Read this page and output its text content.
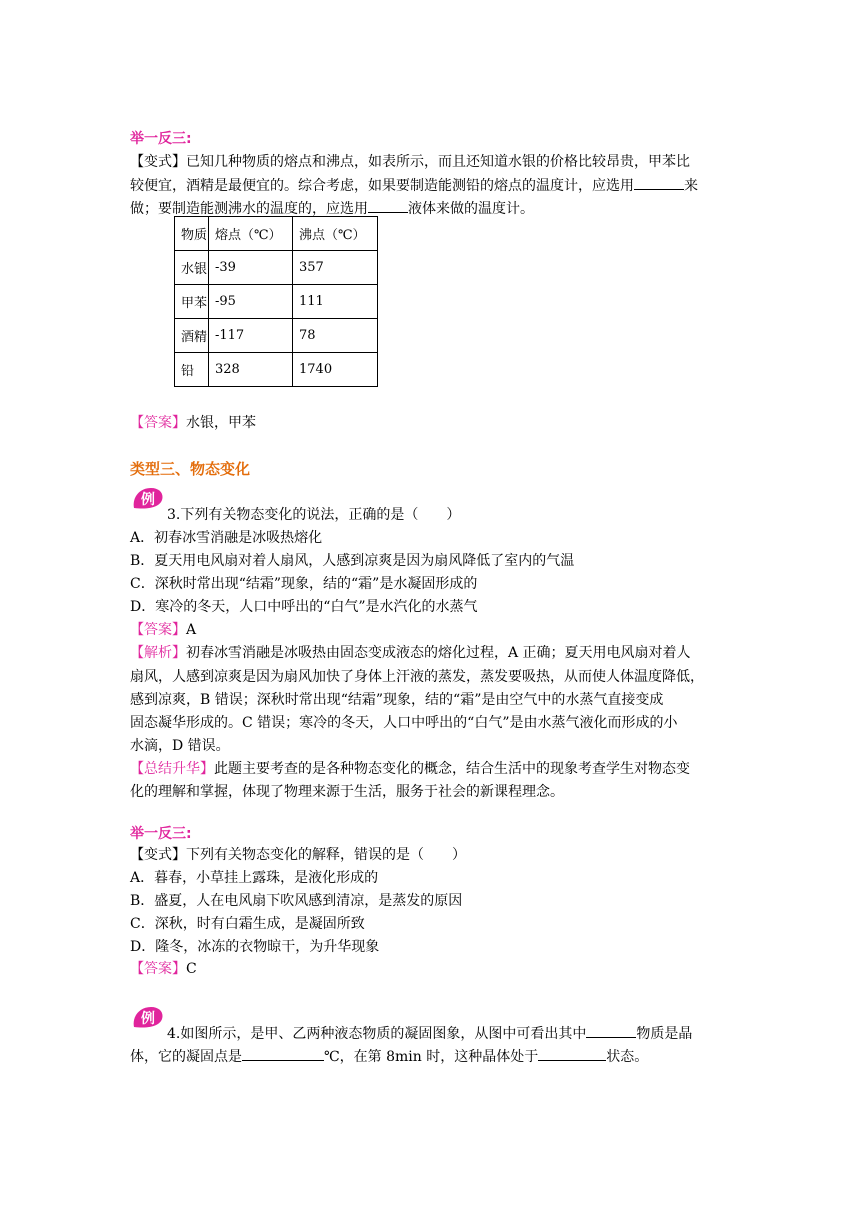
举一反三:
【变式】已知几种物质的熔点和沸点，如表所示，而且还知道水银的价格比较昂贵，甲苯比
较便宜，酒精是最便宜的。综合考虑，如果要制造能测铅的熔点的温度计，应选用	来
做；要制造能测沸水的温度的，应选用	液体来做的温度计。
物质	熔点（℃）	沸点（℃）
水银	-39	357
甲苯	-95	111
酒精	-117	78
铅	328	1740
【答案】水银，甲苯
类型三、物态变化
例
3.下列有关物态变化的说法，正确的是（　　）
A．初春冰雪消融是冰吸热熔化
B．夏天用电风扇对着人扇风，人感到凉爽是因为扇风降低了室内的气温
C．深秋时常出现“结霜”现象，结的“霜”是水凝固形成的
D．寒冷的冬天，人口中呼出的“白气”是水汽化的水蒸气
【答案】A
【解析】初春冰雪消融是冰吸热由固态变成液态的熔化过程，A 正确；夏天用电风扇对着人
扇风，人感到凉爽是因为扇风加快了身体上汗液的蒸发，蒸发要吸热，从而使人体温度降低，
感到凉爽，B 错误；深秋时常出现“结霜”现象，结的“霜”是由空气中的水蒸气直接变成
固态凝华形成的。C 错误；寒冷的冬天，人口中呼出的“白气”是由水蒸气液化而形成的小
水滴，D 错误。
【总结升华】此题主要考查的是各种物态变化的概念，结合生活中的现象考查学生对物态变
化的理解和掌握，体现了物理来源于生活，服务于社会的新课程理念。
举一反三:
【变式】下列有关物态变化的解释，错误的是（　　）
A．暮春，小草挂上露珠，是液化形成的
B．盛夏，人在电风扇下吹风感到清凉，是蒸发的原因
C．深秋，时有白霜生成，是凝固所致
D．隆冬，冰冻的衣物晾干，为升华现象
【答案】C
例
4.如图所示，是甲、乙两种液态物质的凝固图象，从图中可看出其中	物质是晶
体，它的凝固点是	℃，在第 8min 时，这种晶体处于	状态。
